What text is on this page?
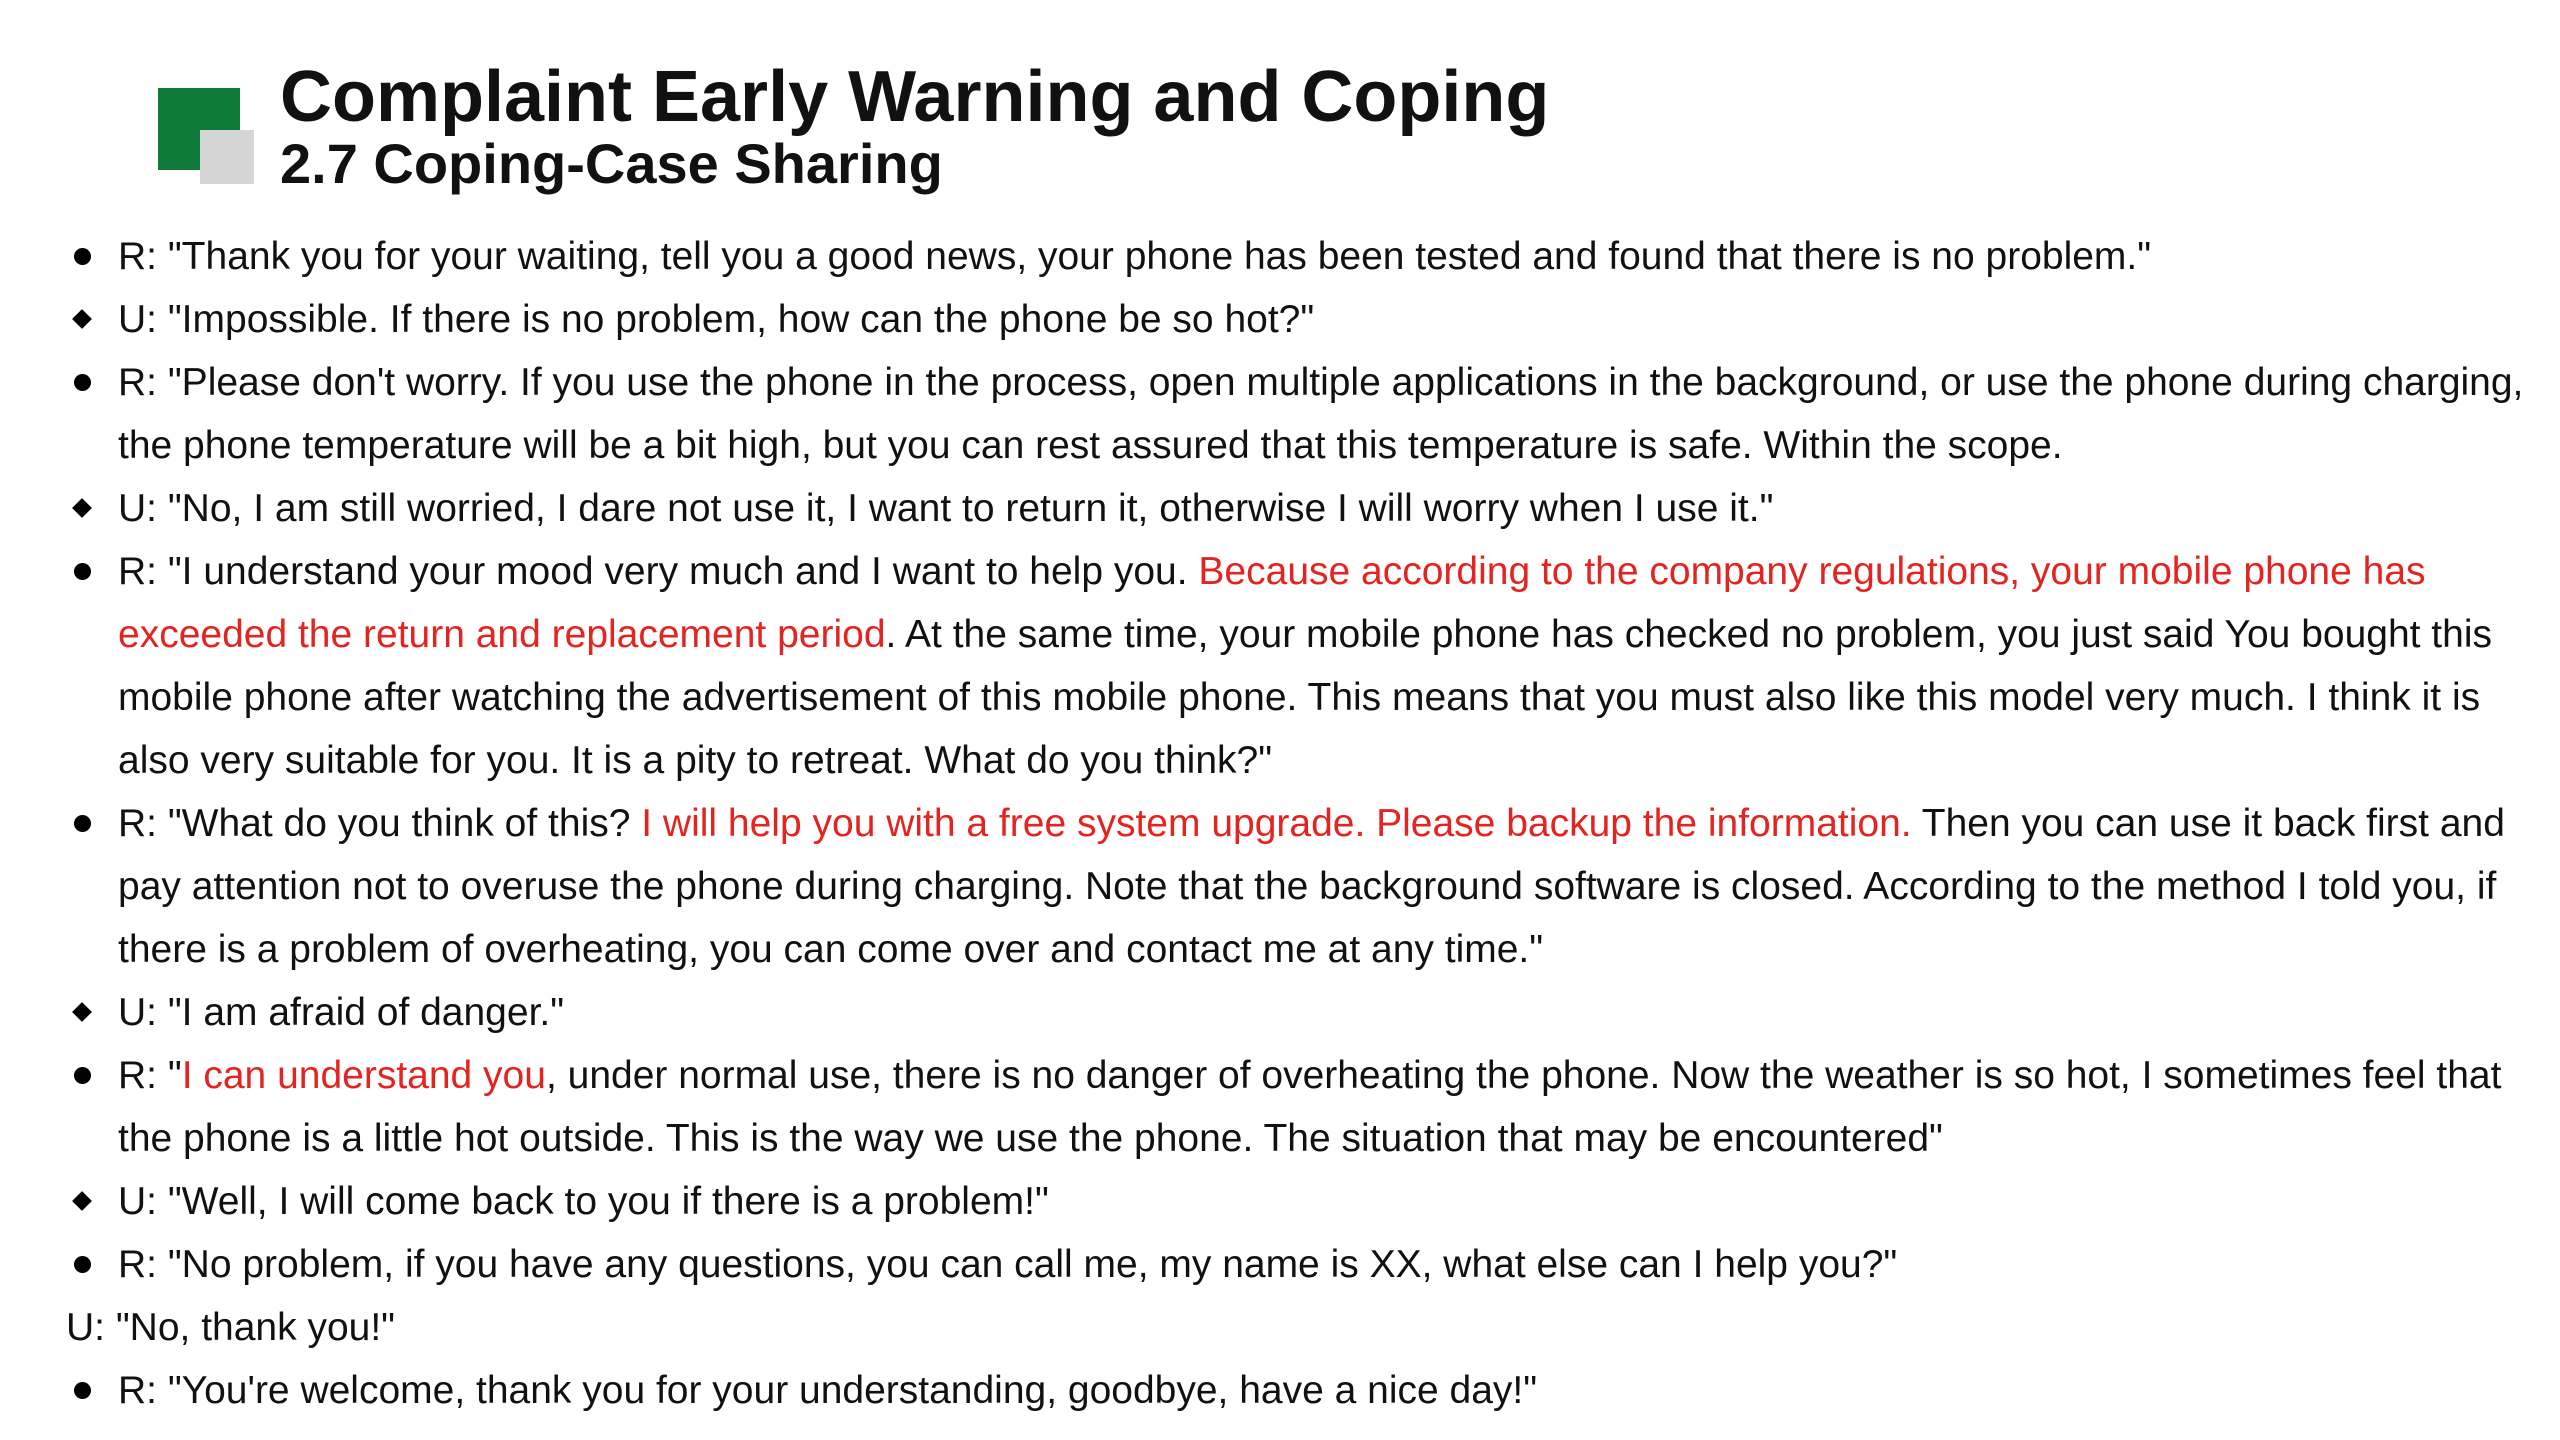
Complaint Early Warning and Coping
2.7 Coping-Case Sharing
R: "Thank you for your waiting, tell you a good news, your phone has been tested and found that there is no problem."
U: "Impossible. If there is no problem, how can the phone be so hot?"
R: "Please don't worry. If you use the phone in the process, open multiple applications in the background, or use the phone during charging, the phone temperature will be a bit high, but you can rest assured that this temperature is safe. Within the scope.
U: "No, I am still worried, I dare not use it, I want to return it, otherwise I will worry when I use it."
R: "I understand your mood very much and I want to help you. Because according to the company regulations, your mobile phone has exceeded the return and replacement period. At the same time, your mobile phone has checked no problem, you just said You bought this mobile phone after watching the advertisement of this mobile phone. This means that you must also like this model very much. I think it is also very suitable for you. It is a pity to retreat. What do you think?"
R: "What do you think of this? I will help you with a free system upgrade. Please backup the information. Then you can use it back first and pay attention not to overuse the phone during charging. Note that the background software is closed. According to the method I told you, if there is a problem of overheating, you can come over and contact me at any time."
U: "I am afraid of danger."
R: "I can understand you, under normal use, there is no danger of overheating the phone. Now the weather is so hot, I sometimes feel that the phone is a little hot outside. This is the way we use the phone. The situation that may be encountered"
U: "Well, I will come back to you if there is a problem!"
R: "No problem, if you have any questions, you can call me, my name is XX, what else can I help you?"
U: "No, thank you!"
R: "You're welcome, thank you for your understanding, goodbye, have a nice day!"
